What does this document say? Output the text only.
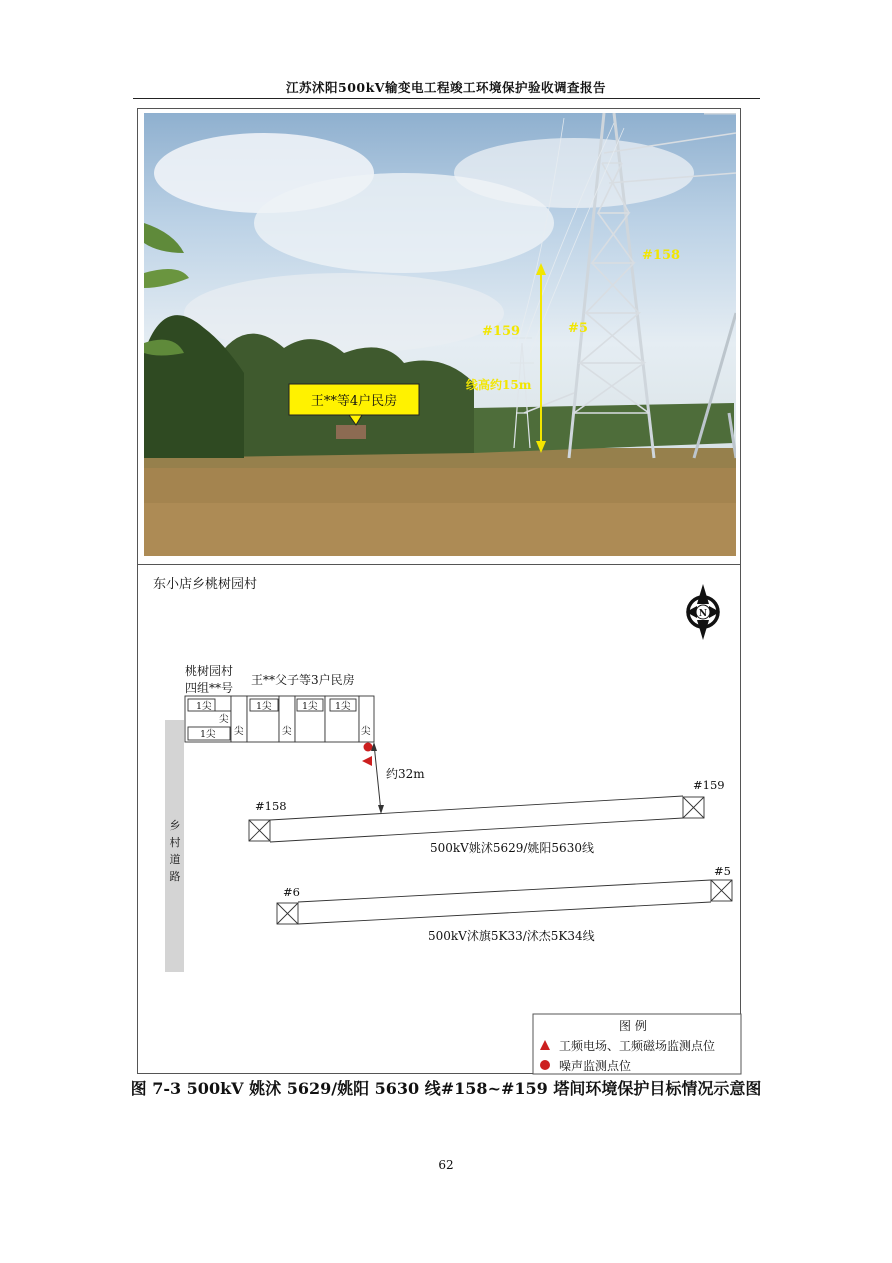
江苏沭阳500kV输变电工程竣工环境保护验收调查报告
#159	#5
#158
线高约15m
王**等4户民房
东小店乡桃树园村
N
桃树园村
四组**号
王**父子等3户民房
1尖	1尖	1尖 1尖
1尖
尖
尖	尖	尖
乡
村
道
路
约32m
#158
#159
500kV姚沭5629/姚阳5630线
#6
#5
500kV沭旗5K33/沭杰5K34线
图 例
工频电场、工频磁场监测点位
噪声监测点位
图 7-3 500kV 姚沭 5629/姚阳 5630 线#158~#159 塔间环境保护目标情况示意图
62
